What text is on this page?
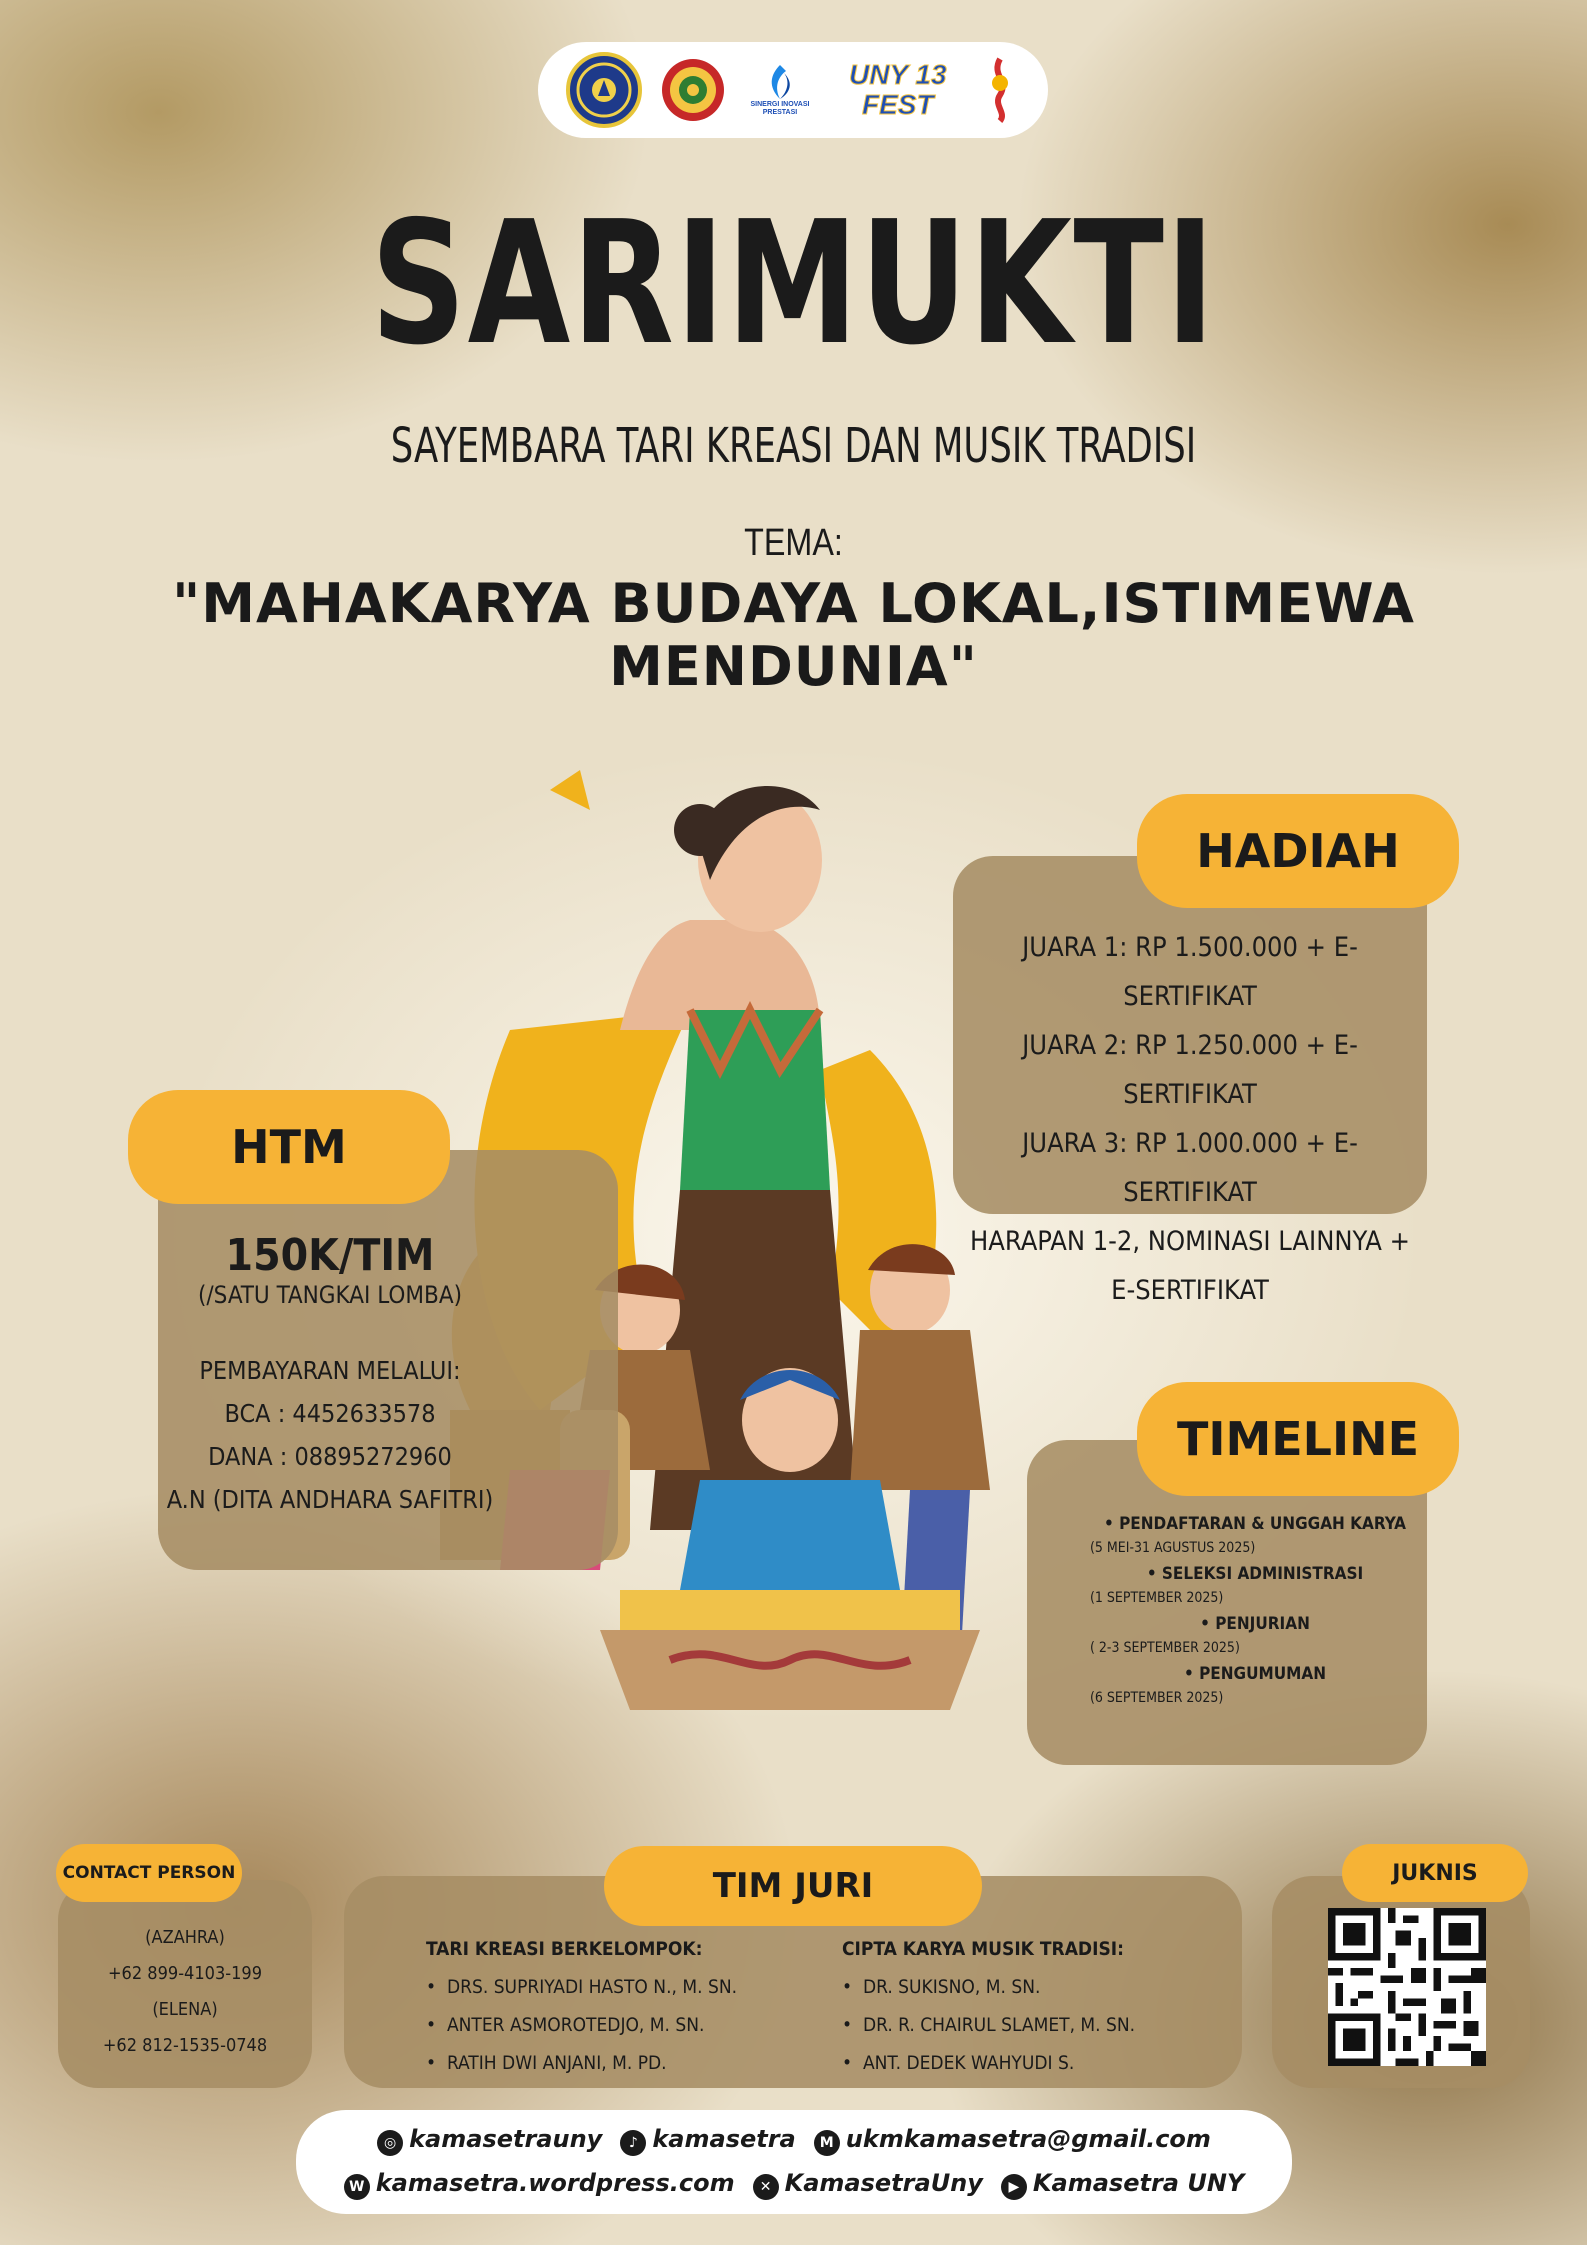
SINERGI INOVASI PRESTASI
UNY 13 FEST
SARIMUKTI
SAYEMBARA TARI KREASI DAN MUSIK TRADISI
TEMA:
"MAHAKARYA BUDAYA LOKAL,ISTIMEWA MENDUNIA"
HADIAH
JUARA 1: RP 1.500.000 + E-SERTIFIKAT
JUARA 2: RP 1.250.000 + E-SERTIFIKAT
JUARA 3: RP 1.000.000 + E-SERTIFIKAT
HARAPAN 1-2, NOMINASI LAINNYA +
E-SERTIFIKAT
HTM
150K/TIM
(/SATU TANGKAI LOMBA)
PEMBAYARAN MELALUI:
BCA : 4452633578
DANA : 08895272960
A.N (DITA ANDHARA SAFITRI)
TIMELINE
• PENDAFTARAN & UNGGAH KARYA
(5 MEI-31 AGUSTUS 2025)
• SELEKSI ADMINISTRASI
(1 SEPTEMBER 2025)
• PENJURIAN
( 2-3 SEPTEMBER 2025)
• PENGUMUMAN
(6 SEPTEMBER 2025)
CONTACT PERSON
(AZAHRA)
+62 899-4103-199
(ELENA)
+62 812-1535-0748
TIM JURI
TARI KREASI BERKELOMPOK:
•  DRS. SUPRIYADI HASTO N., M. SN.
•  ANTER ASMOROTEDJO, M. SN.
•  RATIH DWI ANJANI, M. PD.
CIPTA KARYA MUSIK TRADISI:
•  DR. SUKISNO, M. SN.
•  DR. R. CHAIRUL SLAMET, M. SN.
•  ANT. DEDEK WAHYUDI S.
JUKNIS
◎ kamasetrauny	♪ kamasetra	M ukmkamasetra@gmail.com
W kamasetra.wordpress.com	✕ KamasetraUny	▶ Kamasetra UNY
